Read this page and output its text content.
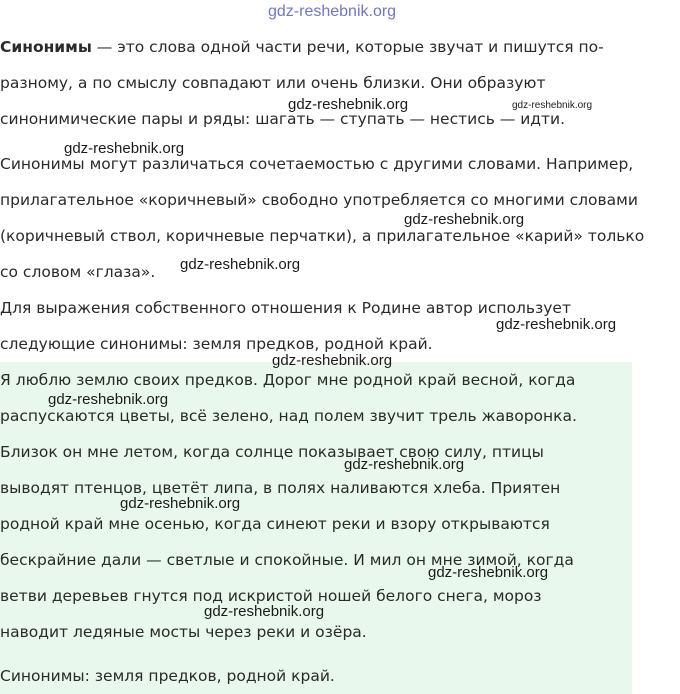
Синонимы — это слова одной части речи, которые звучат и пишутся по-

разному, а по смыслу совпадают или очень близки. Они образуют

синонимические пары и ряды: шагать — ступать — нестись — идти.

Синонимы могут различаться сочетаемостью с другими словами. Например,

прилагательное «коричневый» свободно употребляется со многими словами

(коричневый ствол, коричневые перчатки), а прилагательное «карий» только

со словом «глаза».

Для выражения собственного отношения к Родине автор использует

следующие синонимы: земля предков, родной край.

Я люблю землю своих предков. Дорог мне родной край весной, когда

распускаются цветы, всё зелено, над полем звучит трель жаворонка.

Близок он мне летом, когда солнце показывает свою силу, птицы

выводят птенцов, цветёт липа, в полях наливаются хлеба. Приятен

родной край мне осенью, когда синеют реки и взору открываются

бескрайние дали — светлые и спокойные. И мил он мне зимой, когда

ветви деревьев гнутся под искристой ношей белого снега, мороз

наводит ледяные мосты через реки и озёра.

Синонимы: земля предков, родной край.

gdz-reshebnik.org

gdz-reshebnik.org	gdz-reshebnik.org

gdz-reshebnik.org

gdz-reshebnik.org

gdz-reshebnik.org

gdz-reshebnik.org

gdz-reshebnik.org

gdz-reshebnik.org

gdz-reshebnik.org

gdz-reshebnik.org

gdz-reshebnik.org

gdz-reshebnik.org
